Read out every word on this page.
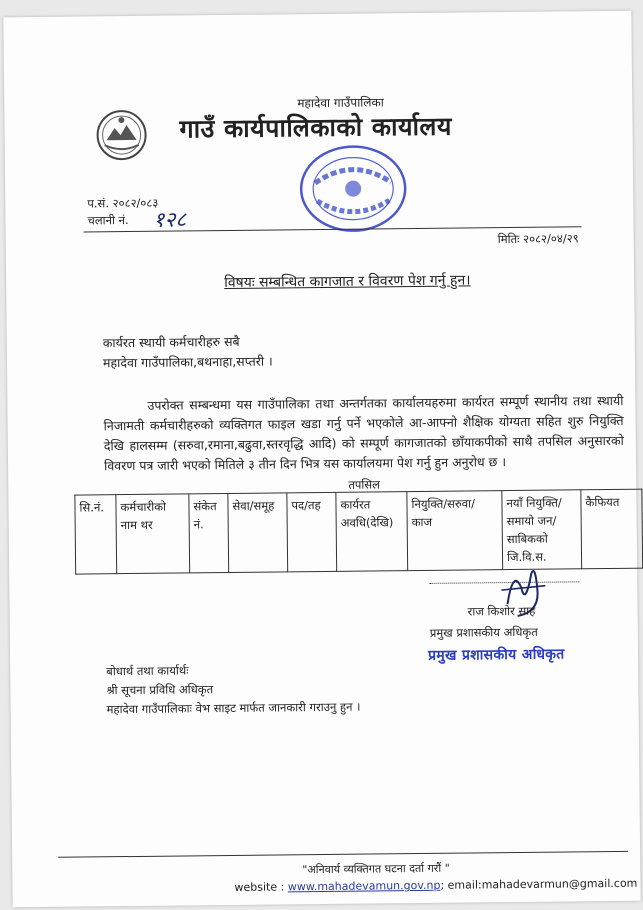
महादेवा गाउँपालिका
गाउँ कार्यपालिकाको कार्यालय
प.सं. २०८२/०८३
चलानी नं. १२८
मितिः २०८२/०४/२९
विषयः सम्बन्धित कागजात र विवरण पेश गर्नु हुन।
कार्यरत स्थायी कर्मचारीहरु सबै
महादेवा गाउँपालिका,बथनाहा,सप्तरी ।
उपरोक्त सम्बन्धमा यस गाउँपालिका तथा अन्तर्गतका कार्यालयहरुमा कार्यरत सम्पूर्ण स्थानीय तथा स्थायी निजामती कर्मचारीहरुको व्यक्तिगत फाइल खडा गर्नु पर्ने भएकोले आ-आफ्नो शैक्षिक योग्यता सहित शुरु नियुक्ति देखि हालसम्म (सरुवा,रमाना,बढुवा,स्तरवृद्धि आदि) को सम्पूर्ण कागजातको छाँयाकपीको साथै तपसिल अनुसारको विवरण पत्र जारी भएको मितिले ३ तीन दिन भित्र यस कार्यालयमा पेश गर्नु हुन अनुरोध छ ।
तपसिल
सि.नं.	कर्मचारीको नाम थर	संकेत नं.	सेवा/समूह	पद/तह	कार्यरत अवधि(देखि)	नियुक्ति/सरुवा/ काज	नयाँ नियुक्ति/समायो जन/साबिकको जि.वि.स.	कैफियत
राज किशोर साह
प्रमुख प्रशासकीय अधिकृत
प्रमुख प्रशासकीय अधिकृत
बोधार्थ तथा कार्यार्थः
श्री सूचना प्रविधि अधिकृत
महादेवा गाउँपालिकाः वेभ साइट मार्फत जानकारी गराउनु हुन ।
"अनिवार्य व्यक्तिगत घटना दर्ता गरौं "
website : www.mahadevamun.gov.np; email:mahadevarmun@gmail.com
